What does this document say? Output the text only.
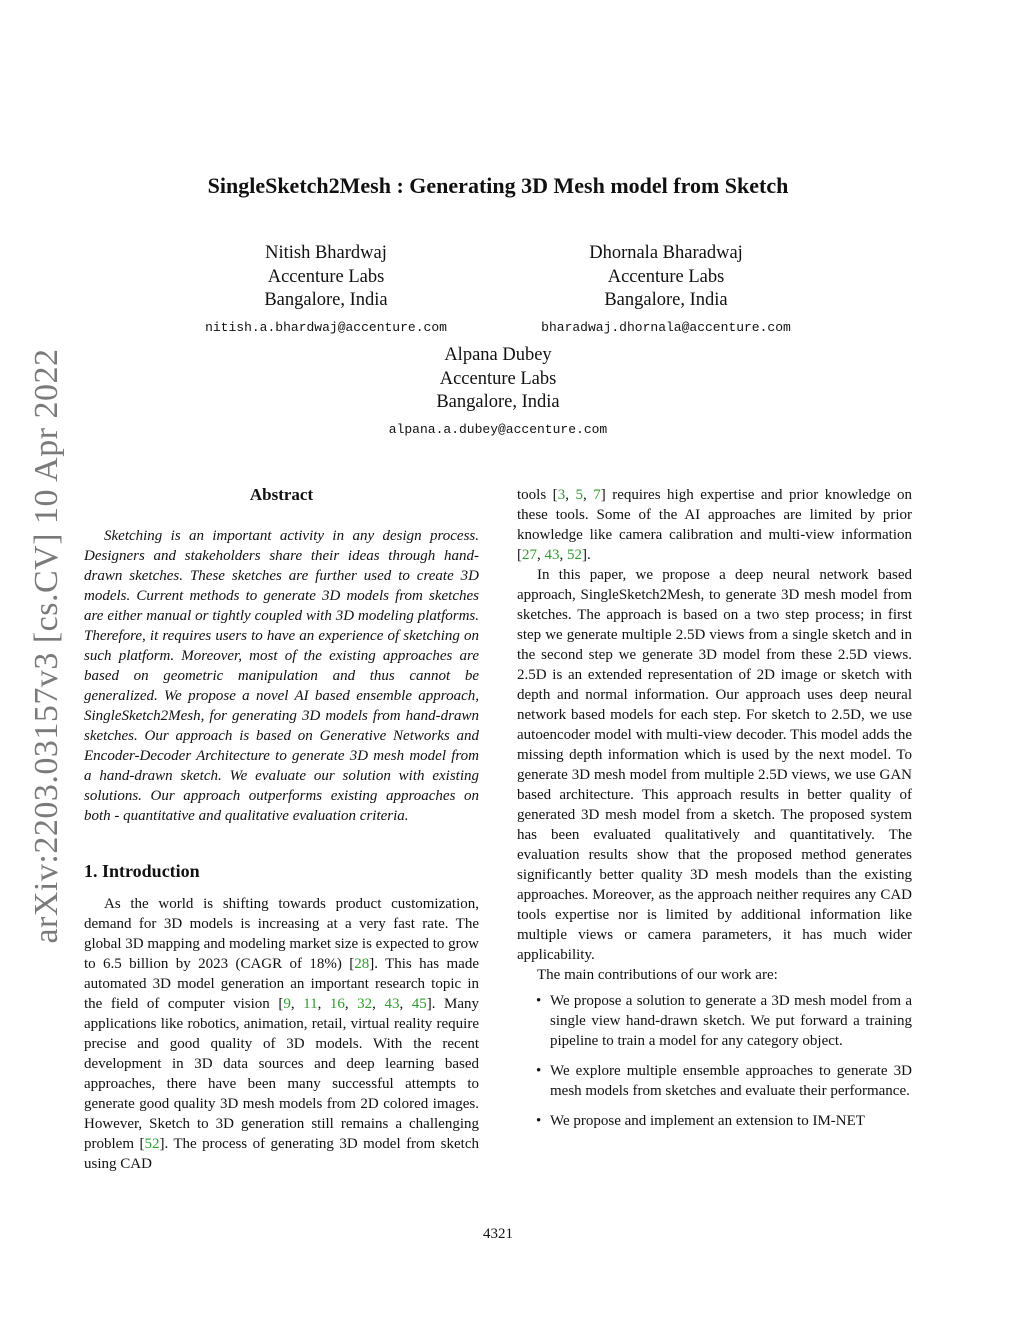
arXiv:2203.03157v3 [cs.CV] 10 Apr 2022
SingleSketch2Mesh : Generating 3D Mesh model from Sketch
Nitish Bhardwaj
Accenture Labs
Bangalore, India
nitish.a.bhardwaj@accenture.com
Dhornala Bharadwaj
Accenture Labs
Bangalore, India
bharadwaj.dhornala@accenture.com
Alpana Dubey
Accenture Labs
Bangalore, India
alpana.a.dubey@accenture.com
Abstract

Sketching is an important activity in any design process. Designers and stakeholders share their ideas through hand-drawn sketches. These sketches are further used to create 3D models. Current methods to generate 3D models from sketches are either manual or tightly coupled with 3D modeling platforms. Therefore, it requires users to have an experience of sketching on such platform. Moreover, most of the existing approaches are based on geometric manipulation and thus cannot be generalized. We propose a novel AI based ensemble approach, SingleSketch2Mesh, for generating 3D models from hand-drawn sketches. Our approach is based on Generative Networks and Encoder-Decoder Architecture to generate 3D mesh model from a hand-drawn sketch. We evaluate our solution with existing solutions. Our approach outperforms existing approaches on both - quantitative and qualitative evaluation criteria.

1. Introduction

As the world is shifting towards product customization, demand for 3D models is increasing at a very fast rate. The global 3D mapping and modeling market size is expected to grow to 6.5 billion by 2023 (CAGR of 18%) [28]. This has made automated 3D model generation an important research topic in the field of computer vision [9, 11, 16, 32, 43, 45]. Many applications like robotics, animation, retail, virtual reality require precise and good quality of 3D models. With the recent development in 3D data sources and deep learning based approaches, there have been many successful attempts to generate good quality 3D mesh models from 2D colored images. However, Sketch to 3D generation still remains a challenging problem [52]. The process of generating 3D model from sketch using CAD

tools [3, 5, 7] requires high expertise and prior knowledge on these tools. Some of the AI approaches are limited by prior knowledge like camera calibration and multi-view information [27, 43, 52].

In this paper, we propose a deep neural network based approach, SingleSketch2Mesh, to generate 3D mesh model from sketches. The approach is based on a two step process; in first step we generate multiple 2.5D views from a single sketch and in the second step we generate 3D model from these 2.5D views. 2.5D is an extended representation of 2D image or sketch with depth and normal information. Our approach uses deep neural network based models for each step. For sketch to 2.5D, we use autoencoder model with multi-view decoder. This model adds the missing depth information which is used by the next model. To generate 3D mesh model from multiple 2.5D views, we use GAN based architecture. This approach results in better quality of generated 3D mesh model from a sketch. The proposed system has been evaluated qualitatively and quantitatively. The evaluation results show that the proposed method generates significantly better quality 3D mesh models than the existing approaches. Moreover, as the approach neither requires any CAD tools expertise nor is limited by additional information like multiple views or camera parameters, it has much wider applicability.

The main contributions of our work are:

• We propose a solution to generate a 3D mesh model from a single view hand-drawn sketch. We put forward a training pipeline to train a model for any category object.
• We explore multiple ensemble approaches to generate 3D mesh models from sketches and evaluate their performance.
• We propose and implement an extension to IM-NET
4321
